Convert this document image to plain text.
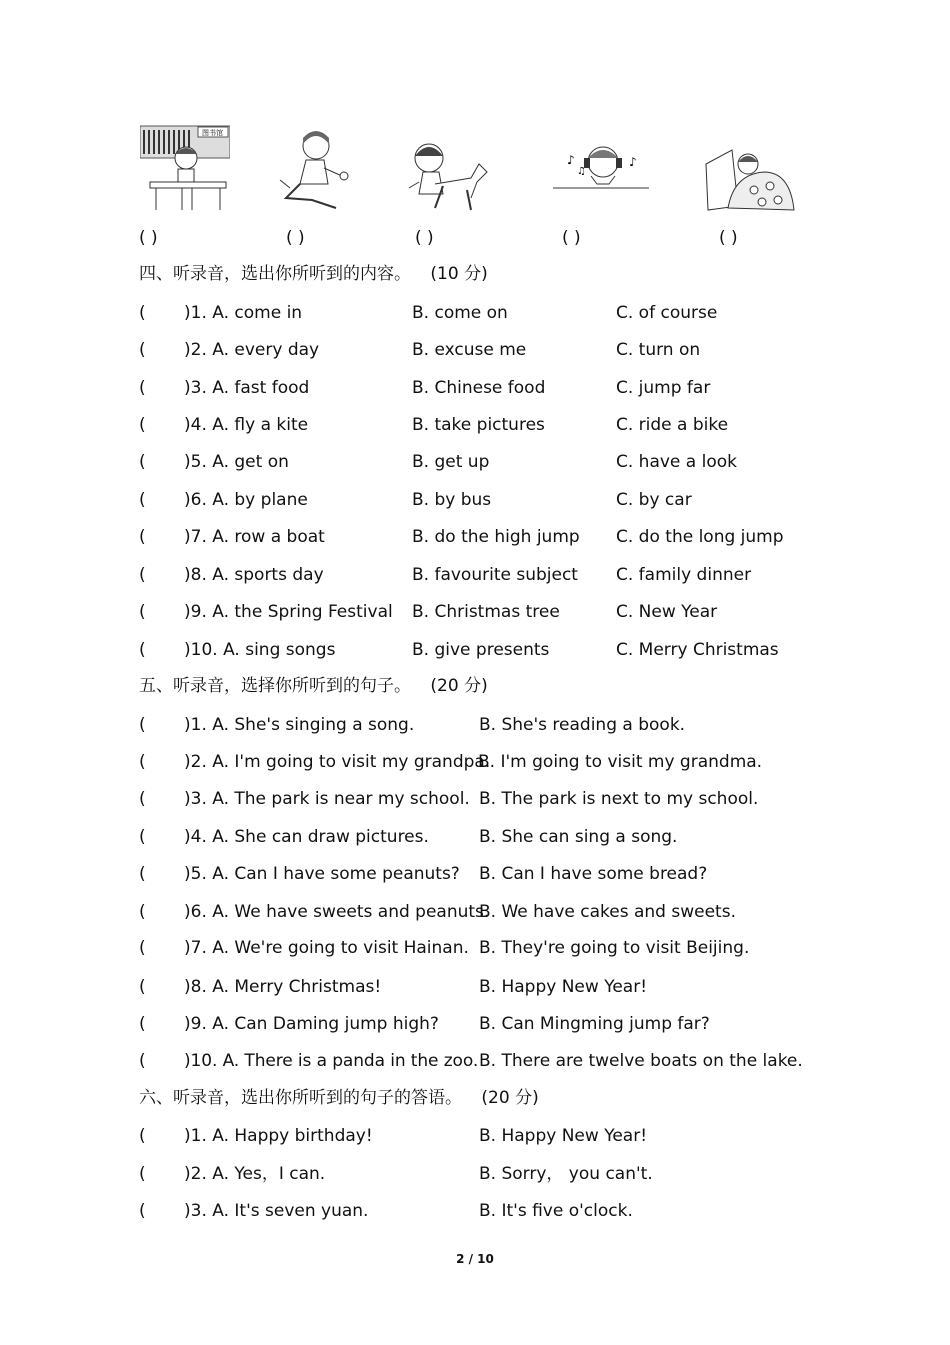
图书馆
♪
♫
♪
( )	( )	( )	( )	( )
四、听录音，选出你所听到的内容。 (10 分)
( )1. A. come in	B. come on	C. of course
( )2. A. every day	B. excuse me	C. turn on
( )3. A. fast food	B. Chinese food	C. jump far
( )4. A. fly a kite	B. take pictures	C. ride a bike
( )5. A. get on	B. get up	C. have a look
( )6. A. by plane	B. by bus	C. by car
( )7. A. row a boat	B. do the high jump C. do the long jump
( )8. A. sports day	B. favourite subject C. family dinner
( )9. A. the Spring Festival B. Christmas tree	C. New Year
( )10. A. sing songs	B. give presents	C. Merry Christmas
五、听录音，选择你所听到的句子。 (20 分)
( )1. A. She's singing a song.	B. She's reading a book.
( )2. A. I'm going to visit my grandpa.
B. I'm going to visit my grandma.
( )3. A. The park is near my school. B. The park is next to my school.
( )4. A. She can draw pictures.	B. She can sing a song.
( )5. A. Can I have some peanuts? B. Can I have some bread?
( )6. A. We have sweets and peanuts.
B. We have cakes and sweets.
( )7. A. We're going to visit Hainan. B. They're going to visit Beijing.
( )8. A. Merry Christmas!	B. Happy New Year!
( )9. A. Can Daming jump high? B. Can Mingming jump far?
( )10. A. There is a panda in the zoo. B. There are twelve boats on the lake.
六、听录音，选出你所听到的句子的答语。 (20 分)
( )1. A. Happy birthday!	B. Happy New Year!
( )2. A. Yes，I can.	B. Sorry， you can't.
( )3. A. It's seven yuan.	B. It's five o'clock.
2 / 10
